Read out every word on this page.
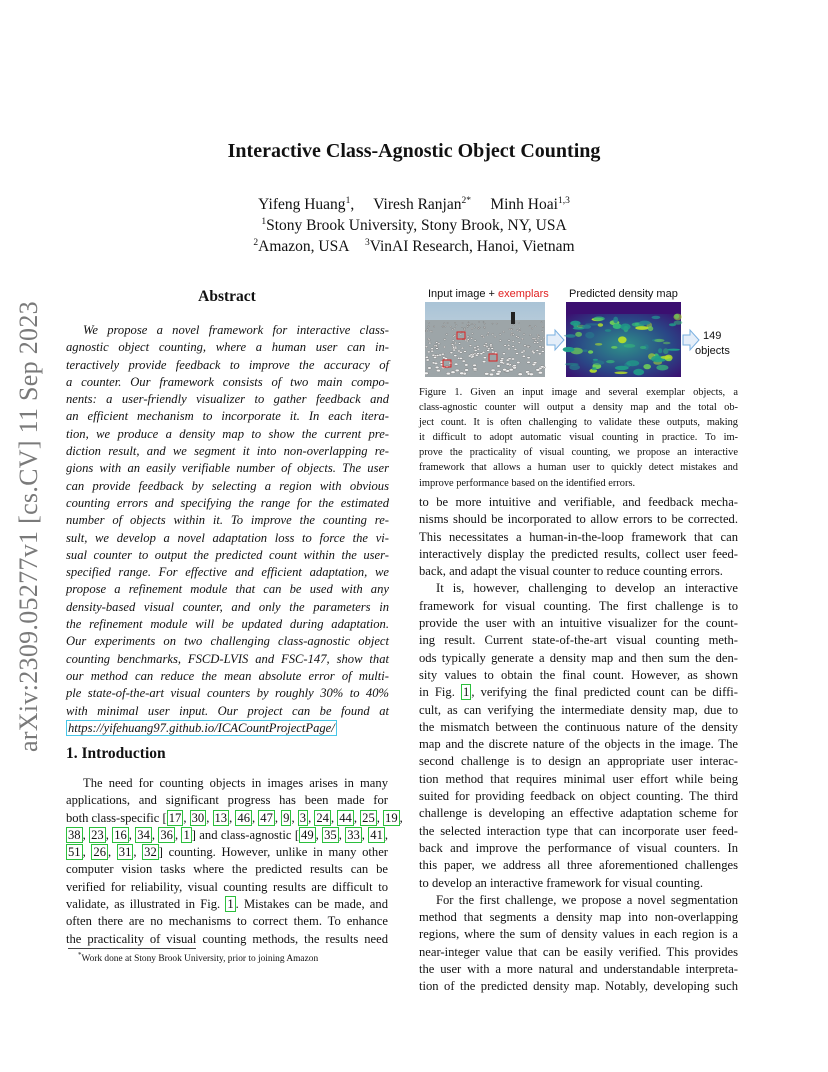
arXiv:2309.05277v1 [cs.CV] 11 Sep 2023
Interactive Class-Agnostic Object Counting
Yifeng Huang$^1$,     Viresh Ranjan$^{2*}$ Minh Hoai$^{1,3}$
$^1$Stony Brook University, Stony Brook, NY, USA
$^2$Amazon, USA $^3$VinAI Research, Hanoi, Vietnam
Abstract
We propose a novel framework for interactive class-
agnostic object counting, where a human user can in-
teractively provide feedback to improve the accuracy of
a counter. Our framework consists of two main compo-
nents: a user-friendly visualizer to gather feedback and
an efficient mechanism to incorporate it. In each itera-
tion, we produce a density map to show the current pre-
diction result, and we segment it into non-overlapping re-
gions with an easily verifiable number of objects. The user
can provide feedback by selecting a region with obvious
counting errors and specifying the range for the estimated
number of objects within it. To improve the counting re-
sult, we develop a novel adaptation loss to force the vi-
sual counter to output the predicted count within the user-
specified range. For effective and efficient adaptation, we
propose a refinement module that can be used with any
density-based visual counter, and only the parameters in
the refinement module will be updated during adaptation.
Our experiments on two challenging class-agnostic object
counting benchmarks, FSCD-LVIS and FSC-147, show that
our method can reduce the mean absolute error of multi-
ple state-of-the-art visual counters by roughly 30% to 40%
with minimal user input. Our project can be found at
https://yifehuang97.github.io/ICACountProjectPage/
1. Introduction
The need for counting objects in images arises in many
applications, and significant progress has been made for
both class-specific [ 17 , 30 , 13 , 46 , 47 , 9 , 3 , 24 , 44 , 25 , 19 ,
38 , 23 , 16 , 34 , 36 , 1 ] and class-agnostic [ 49 , 35 , 33 , 41 ,
51 , 26 , 31 , 32 ] counting. However, unlike in many other
computer vision tasks where the predicted results can be
verified for reliability, visual counting results are difficult to
validate, as illustrated in Fig. 1 . Mistakes can be made, and
often there are no mechanisms to correct them. To enhance
the practicality of visual counting methods, the results need
*Work done at Stony Brook University, prior to joining Amazon
Input image + exemplars Predicted density map
149
objects
Figure 1. Given an input image and several exemplar objects, a
class-agnostic counter will output a density map and the total ob-
ject count. It is often challenging to validate these outputs, making
it difficult to adopt automatic visual counting in practice. To im-
prove the practicality of visual counting, we propose an interactive
framework that allows a human user to quickly detect mistakes and
improve performance based on the identified errors.
to be more intuitive and verifiable, and feedback mecha-
nisms should be incorporated to allow errors to be corrected.
This necessitates a human-in-the-loop framework that can
interactively display the predicted results, collect user feed-
back, and adapt the visual counter to reduce counting errors.
It is, however, challenging to develop an interactive
framework for visual counting. The first challenge is to
provide the user with an intuitive visualizer for the count-
ing result. Current state-of-the-art visual counting meth-
ods typically generate a density map and then sum the den-
sity values to obtain the final count. However, as shown
in Fig. 1 , verifying the final predicted count can be diffi-
cult, as can verifying the intermediate density map, due to
the mismatch between the continuous nature of the density
map and the discrete nature of the objects in the image. The
second challenge is to design an appropriate user interac-
tion method that requires minimal user effort while being
suited for providing feedback on object counting. The third
challenge is developing an effective adaptation scheme for
the selected interaction type that can incorporate user feed-
back and improve the performance of visual counters. In
this paper, we address all three aforementioned challenges
to develop an interactive framework for visual counting.
For the first challenge, we propose a novel segmentation
method that segments a density map into non-overlapping
regions, where the sum of density values in each region is a
near-integer value that can be easily verified. This provides
the user with a more natural and understandable interpreta-
tion of the predicted density map. Notably, developing such
